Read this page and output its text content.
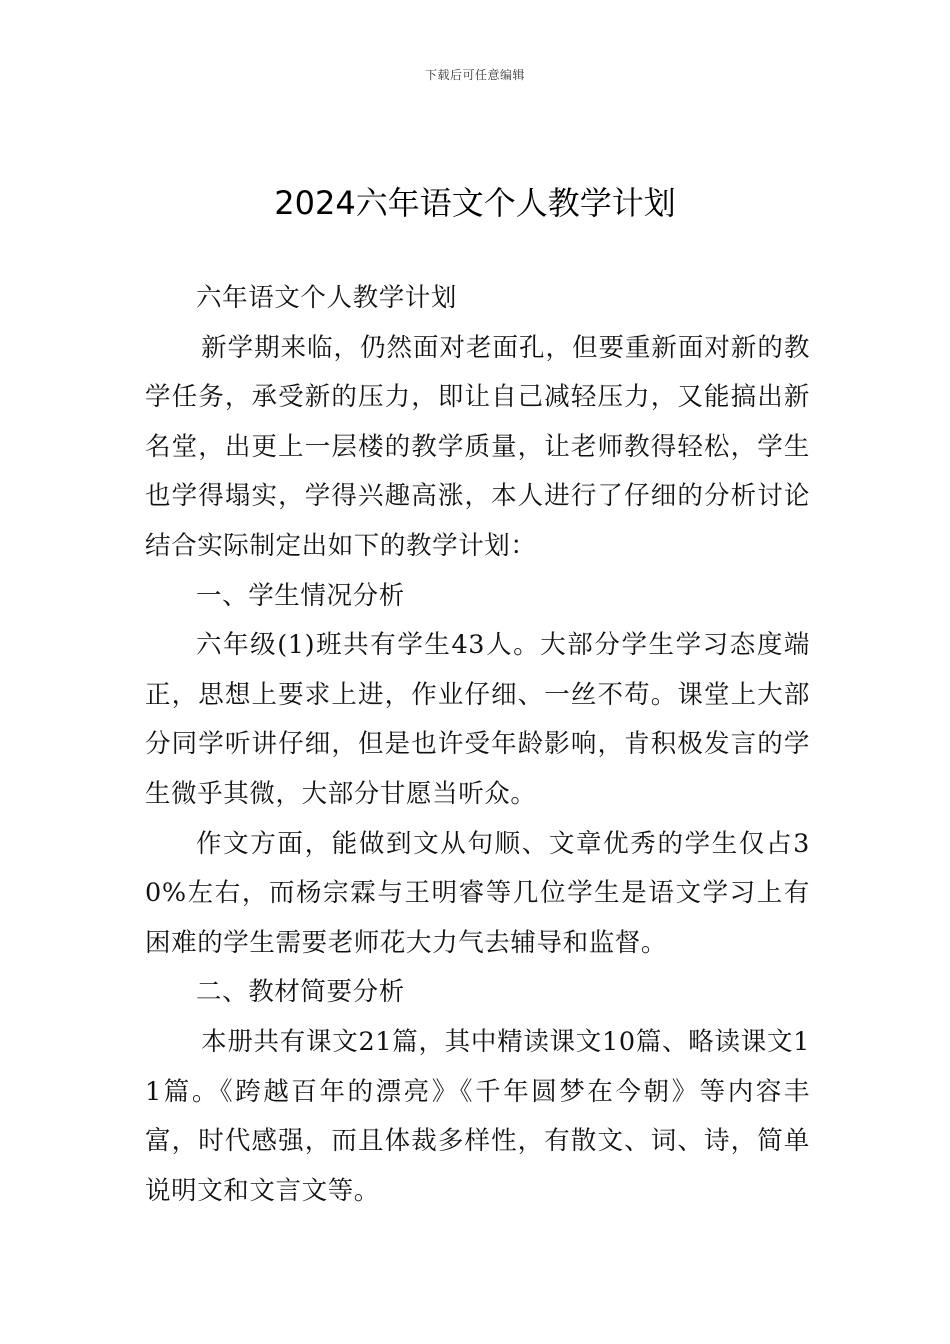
下载后可任意编辑
2024六年语文个人教学计划

六年语文个人教学计划

新学期来临，仍然面对老面孔，但要重新面对新的教学任务，承受新的压力，即让自己减轻压力，又能搞出新名堂，出更上一层楼的教学质量，让老师教得轻松，学生也学得塌实，学得兴趣高涨，本人进行了仔细的分析讨论结合实际制定出如下的教学计划：

一、学生情况分析

六年级(1)班共有学生43人。大部分学生学习态度端正，思想上要求上进，作业仔细、一丝不苟。课堂上大部分同学听讲仔细，但是也许受年龄影响，肯积极发言的学生微乎其微，大部分甘愿当听众。

作文方面，能做到文从句顺、文章优秀的学生仅占30%左右，而杨宗霖与王明睿等几位学生是语文学习上有困难的学生需要老师花大力气去辅导和监督。

二、教材简要分析

本册共有课文21篇，其中精读课文10篇、略读课文11篇。《跨越百年的漂亮》《千年圆梦在今朝》等内容丰富，时代感强，而且体裁多样性，有散文、词、诗，简单说明文和文言文等。
